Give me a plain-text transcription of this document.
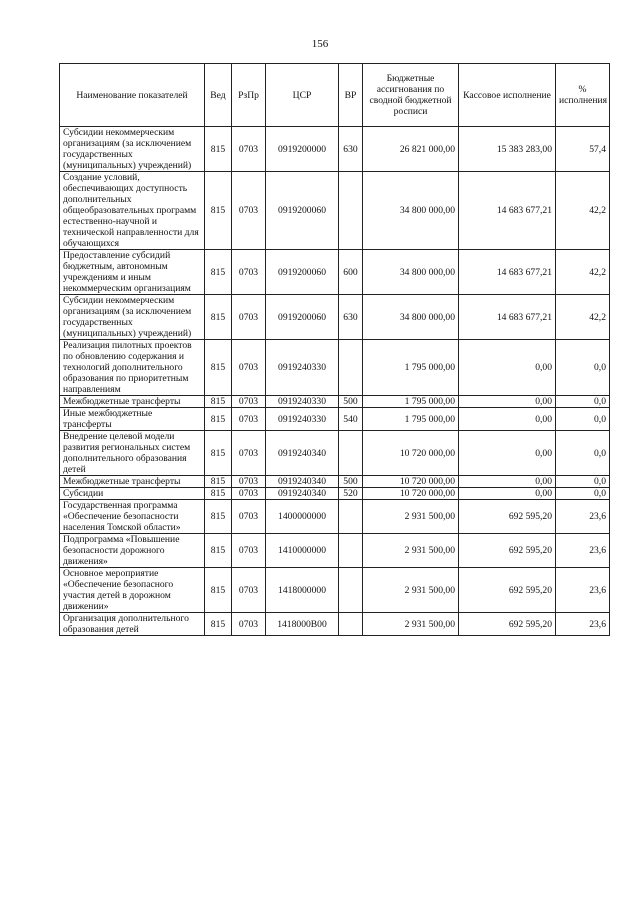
156
Наименование показателей	Вед	РзПр	ЦСР	ВР	Бюджетные ассигнования по сводной бюджетной росписи	Кассовое исполнение	% исполнения
Субсидии некоммерческим организациям (за исключением государственных (муниципальных) учреждений)	815	0703	0919200000	630	26 821 000,00	15 383 283,00	57,4
Создание условий, обеспечивающих доступность дополнительных общеобразовательных программ естественно-научной и технической направленности для обучающихся	815	0703	0919200060		34 800 000,00	14 683 677,21	42,2
Предоставление субсидий бюджетным, автономным учреждениям и иным некоммерческим организациям	815	0703	0919200060	600	34 800 000,00	14 683 677,21	42,2
Субсидии некоммерческим организациям (за исключением государственных (муниципальных) учреждений)	815	0703	0919200060	630	34 800 000,00	14 683 677,21	42,2
Реализация пилотных проектов по обновлению содержания и технологий дополнительного образования по приоритетным направлениям	815	0703	0919240330		1 795 000,00	0,00	0,0
Межбюджетные трансферты	815	0703	0919240330	500	1 795 000,00	0,00	0,0
Иные межбюджетные трансферты	815	0703	0919240330	540	1 795 000,00	0,00	0,0
Внедрение целевой модели развития региональных систем дополнительного образования детей	815	0703	0919240340		10 720 000,00	0,00	0,0
Межбюджетные трансферты	815	0703	0919240340	500	10 720 000,00	0,00	0,0
Субсидии	815	0703	0919240340	520	10 720 000,00	0,00	0,0
Государственная программа «Обеспечение безопасности населения Томской области»	815	0703	1400000000		2 931 500,00	692 595,20	23,6
Подпрограмма «Повышение безопасности дорожного движения»	815	0703	1410000000		2 931 500,00	692 595,20	23,6
Основное мероприятие «Обеспечение безопасного участия детей в дорожном движении»	815	0703	1418000000		2 931 500,00	692 595,20	23,6
Организация дополнительного образования детей	815	0703	1418000В00		2 931 500,00	692 595,20	23,6
